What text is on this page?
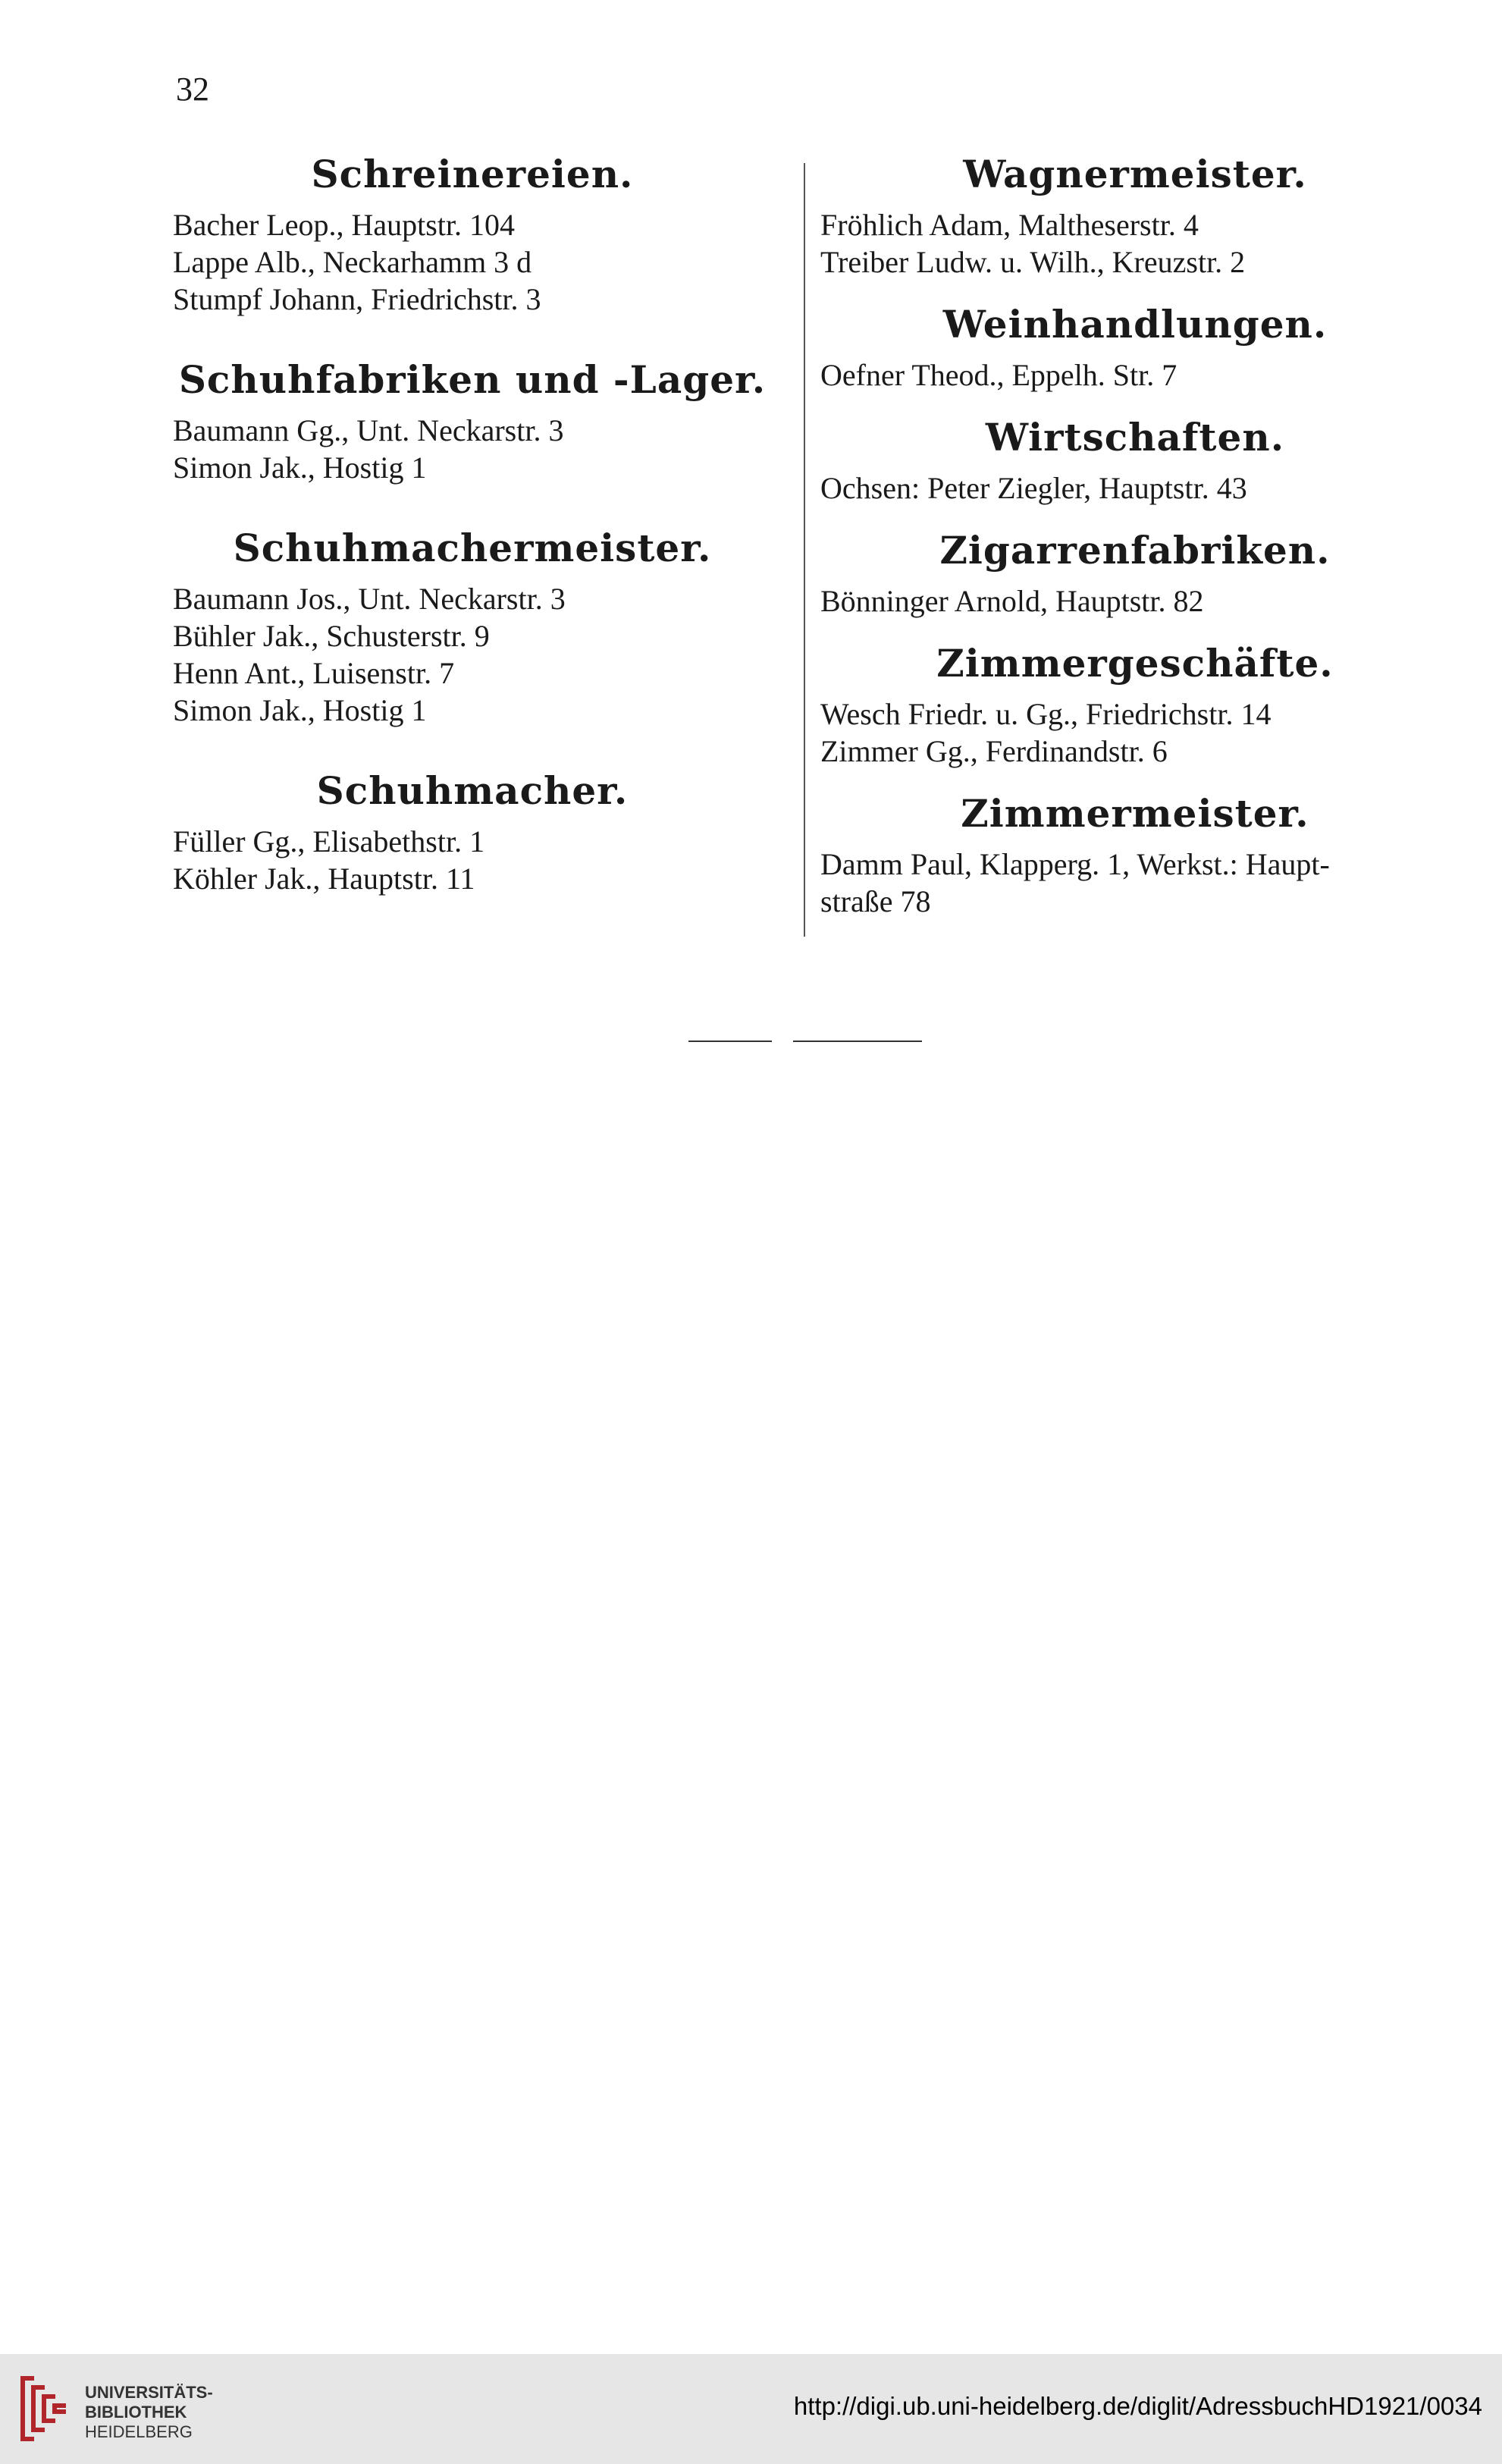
32
Schreinereien.
Bacher Leop., Hauptstr. 104
Lappe Alb., Neckarhamm 3 d
Stumpf Johann, Friedrichstr. 3
Schuhfabriken und -Lager.
Baumann Gg., Unt. Neckarstr. 3
Simon Jak., Hostig 1
Schuhmachermeister.
Baumann Jos., Unt. Neckarstr. 3
Bühler Jak., Schusterstr. 9
Henn Ant., Luisenstr. 7
Simon Jak., Hostig 1
Schuhmacher.
Füller Gg., Elisabethstr. 1
Köhler Jak., Hauptstr. 11
Wagnermeister.
Fröhlich Adam, Maltheserstr. 4
Treiber Ludw. u. Wilh., Kreuzstr. 2
Weinhandlungen.
Oefner Theod., Eppelh. Str. 7
Wirtschaften.
Ochsen: Peter Ziegler, Hauptstr. 43
Zigarrenfabriken.
Bönninger Arnold, Hauptstr. 82
Zimmergeschäfte.
Wesch Friedr. u. Gg., Friedrichstr. 14
Zimmer Gg., Ferdinandstr. 6
Zimmermeister.
Damm Paul, Klapperg. 1, Werkst.: Haupt-
straße 78
UNIVERSITÄTS-
BIBLIOTHEK
HEIDELBERG
http://digi.ub.uni-heidelberg.de/diglit/AdressbuchHD1921/0034
